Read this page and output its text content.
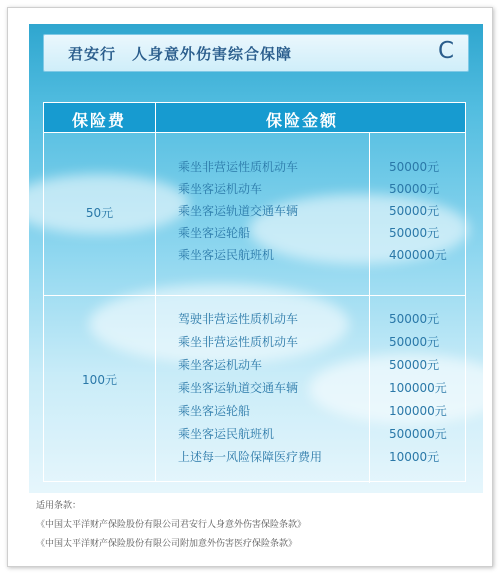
君安行　人身意外伤害综合保障	C
保险费	保险金额
50元
乘坐非营运性质机动车	50000元
乘坐客运机动车	50000元
乘坐客运轨道交通车辆	50000元
乘坐客运轮船	50000元
乘坐客运民航班机	400000元
100元
驾驶非营运性质机动车	50000元
乘坐非营运性质机动车	50000元
乘坐客运机动车	50000元
乘坐客运轨道交通车辆	100000元
乘坐客运轮船	100000元
乘坐客运民航班机	500000元
上述每一风险保障医疗费用	10000元
适用条款：
《中国太平洋财产保险股份有限公司君安行人身意外伤害保险条款》
《中国太平洋财产保险股份有限公司附加意外伤害医疗保险条款》
